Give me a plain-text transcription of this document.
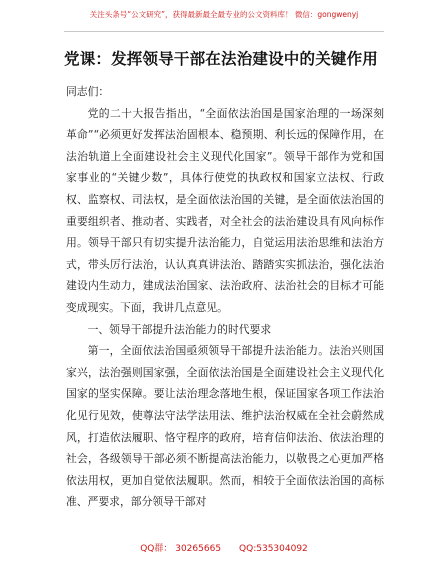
关注头条号“公文研究”，获得最新最全最专业的公文资料库！ 微信：gongwenyj
党课：发挥领导干部在法治建设中的关键作用

同志们：

党的二十大报告指出，“全面依法治国是国家治理的一场深刻革命”“必须更好发挥法治固根本、稳预期、利长远的保障作用，在法治轨道上全面建设社会主义现代化国家”。领导干部作为党和国家事业的“关键少数”，具体行使党的执政权和国家立法权、行政权、监察权、司法权，是全面依法治国的关键，是全面依法治国的重要组织者、推动者、实践者，对全社会的法治建设具有风向标作用。领导干部只有切实提升法治能力，自觉运用法治思维和法治方式，带头厉行法治，认认真真讲法治、踏踏实实抓法治，强化法治建设内生动力，建成法治国家、法治政府、法治社会的目标才可能变成现实。下面，我讲几点意见。

一、领导干部提升法治能力的时代要求

第一，全面依法治国亟须领导干部提升法治能力。法治兴则国家兴，法治强则国家强，全面依法治国是全面建设社会主义现代化国家的坚实保障。要让法治理念落地生根，保证国家各项工作法治化见行见效，使尊法守法学法用法、维护法治权威在全社会蔚然成风，打造依法履职、恪守程序的政府，培育信仰法治、依法治理的社会，各级领导干部必须不断提高法治能力，以敬畏之心更加严格依法用权，更加自觉依法履职。然而，相较于全面依法治国的高标准、严要求，部分领导干部对

QQ群： 30265665 QQ:535304092
